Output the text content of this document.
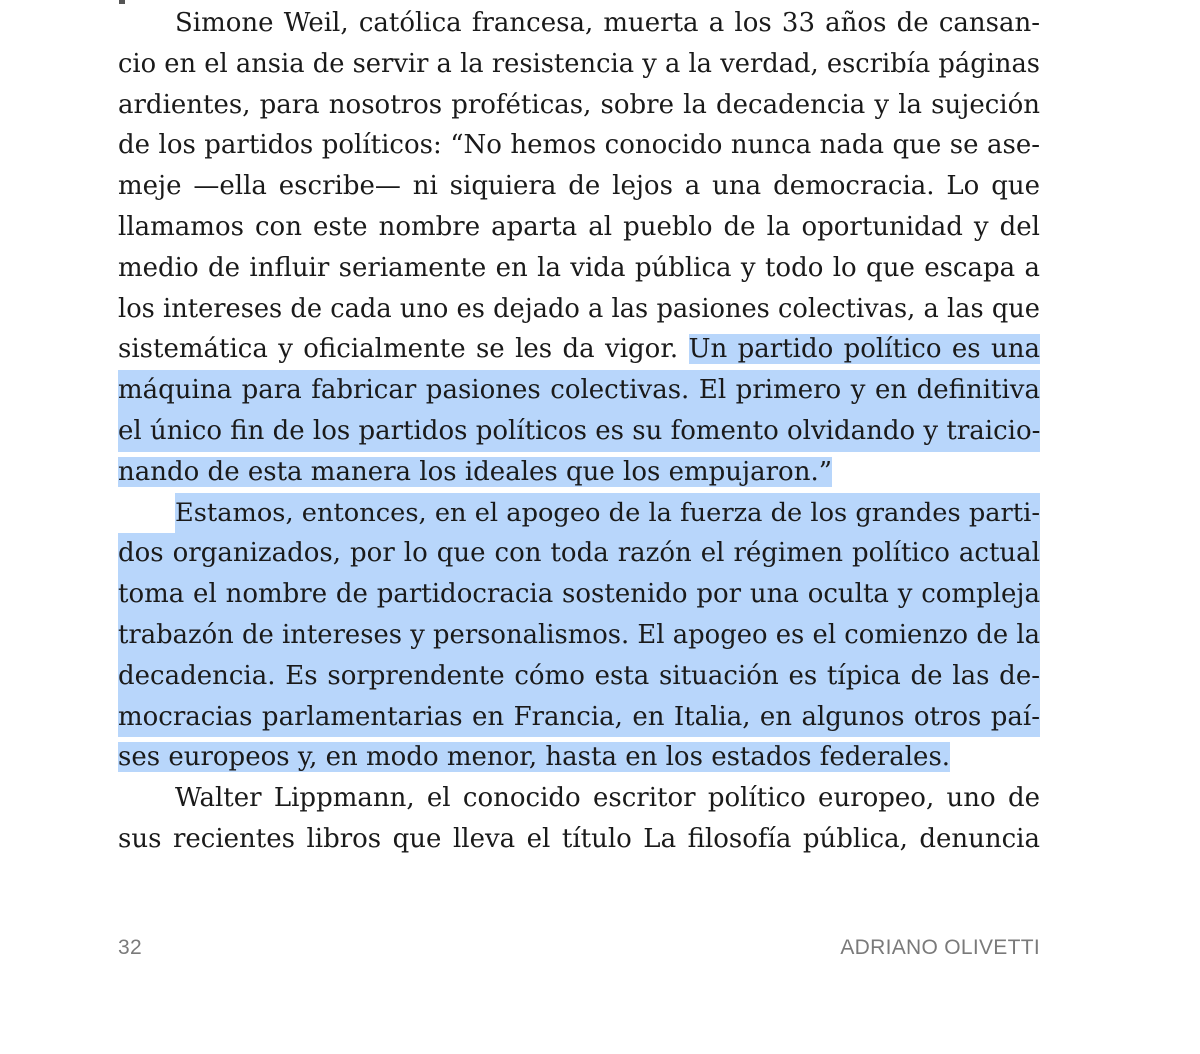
Simone Weil, católica francesa, muerta a los 33 años de cansan-
cio en el ansia de servir a la resistencia y a la verdad, escribía páginas
ardientes, para nosotros proféticas, sobre la decadencia y la sujeción
de los partidos políticos: “No hemos conocido nunca nada que se ase-
meje —ella escribe— ni siquiera de lejos a una democracia. Lo que
llamamos con este nombre aparta al pueblo de la oportunidad y del
medio de influir seriamente en la vida pública y todo lo que escapa a
los intereses de cada uno es dejado a las pasiones colectivas, a las que
sistemática y oficialmente se les da vigor. Un partido político es una
máquina para fabricar pasiones colectivas. El primero y en definitiva
el único fin de los partidos políticos es su fomento olvidando y traicio-
nando de esta manera los ideales que los empujaron.”
Estamos, entonces, en el apogeo de la fuerza de los grandes parti-
dos organizados, por lo que con toda razón el régimen político actual
toma el nombre de partidocracia sostenido por una oculta y compleja
trabazón de intereses y personalismos. El apogeo es el comienzo de la
decadencia. Es sorprendente cómo esta situación es típica de las de-
mocracias parlamentarias en Francia, en Italia, en algunos otros paí-
ses europeos y, en modo menor, hasta en los estados federales.
Walter Lippmann, el conocido escritor político europeo, uno de
sus recientes libros que lleva el título La filosofía pública, denuncia
32	ADRIANO OLIVETTI
